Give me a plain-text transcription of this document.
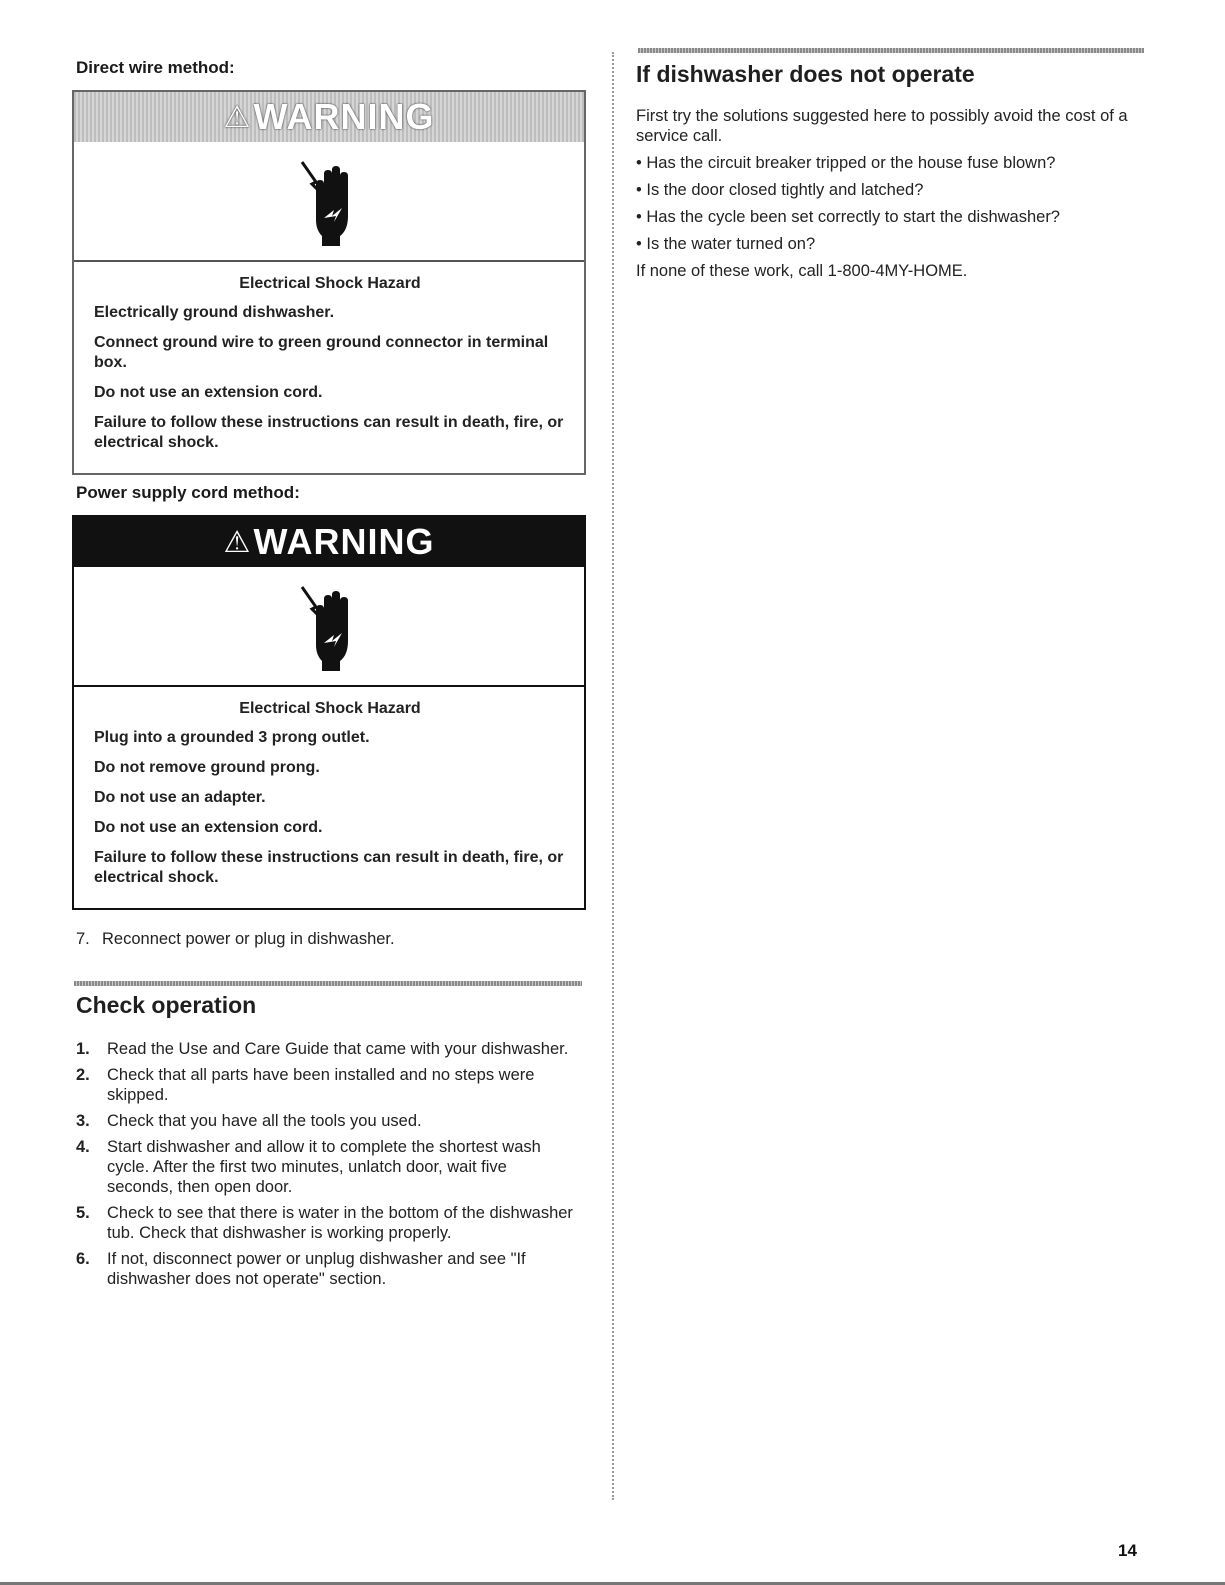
Direct wire method:
⚠ WARNING

Electrical Shock Hazard

Electrically ground dishwasher.

Connect ground wire to green ground connector in terminal box.

Do not use an extension cord.

Failure to follow these instructions can result in death, fire, or electrical shock.

Power supply cord method:
⚠ WARNING

Electrical Shock Hazard

Plug into a grounded 3 prong outlet.

Do not remove ground prong.

Do not use an adapter.

Do not use an extension cord.

Failure to follow these instructions can result in death, fire, or electrical shock.

7. Reconnect power or plug in dishwasher.
Check operation
1.	Read the Use and Care Guide that came with your dishwasher.
2.	Check that all parts have been installed and no steps were skipped.
3.	Check that you have all the tools you used.
4.	Start dishwasher and allow it to complete the shortest wash cycle. After the first two minutes, unlatch door, wait five seconds, then open door.
5.	Check to see that there is water in the bottom of the dishwasher tub. Check that dishwasher is working properly.
6.	If not, disconnect power or unplug dishwasher and see "If dishwasher does not operate" section.
If dishwasher does not operate

First try the solutions suggested here to possibly avoid the cost of a service call.

• Has the circuit breaker tripped or the house fuse blown?
• Is the door closed tightly and latched?
• Has the cycle been set correctly to start the dishwasher?
• Is the water turned on?

If none of these work, call 1-800-4MY-HOME.

14
